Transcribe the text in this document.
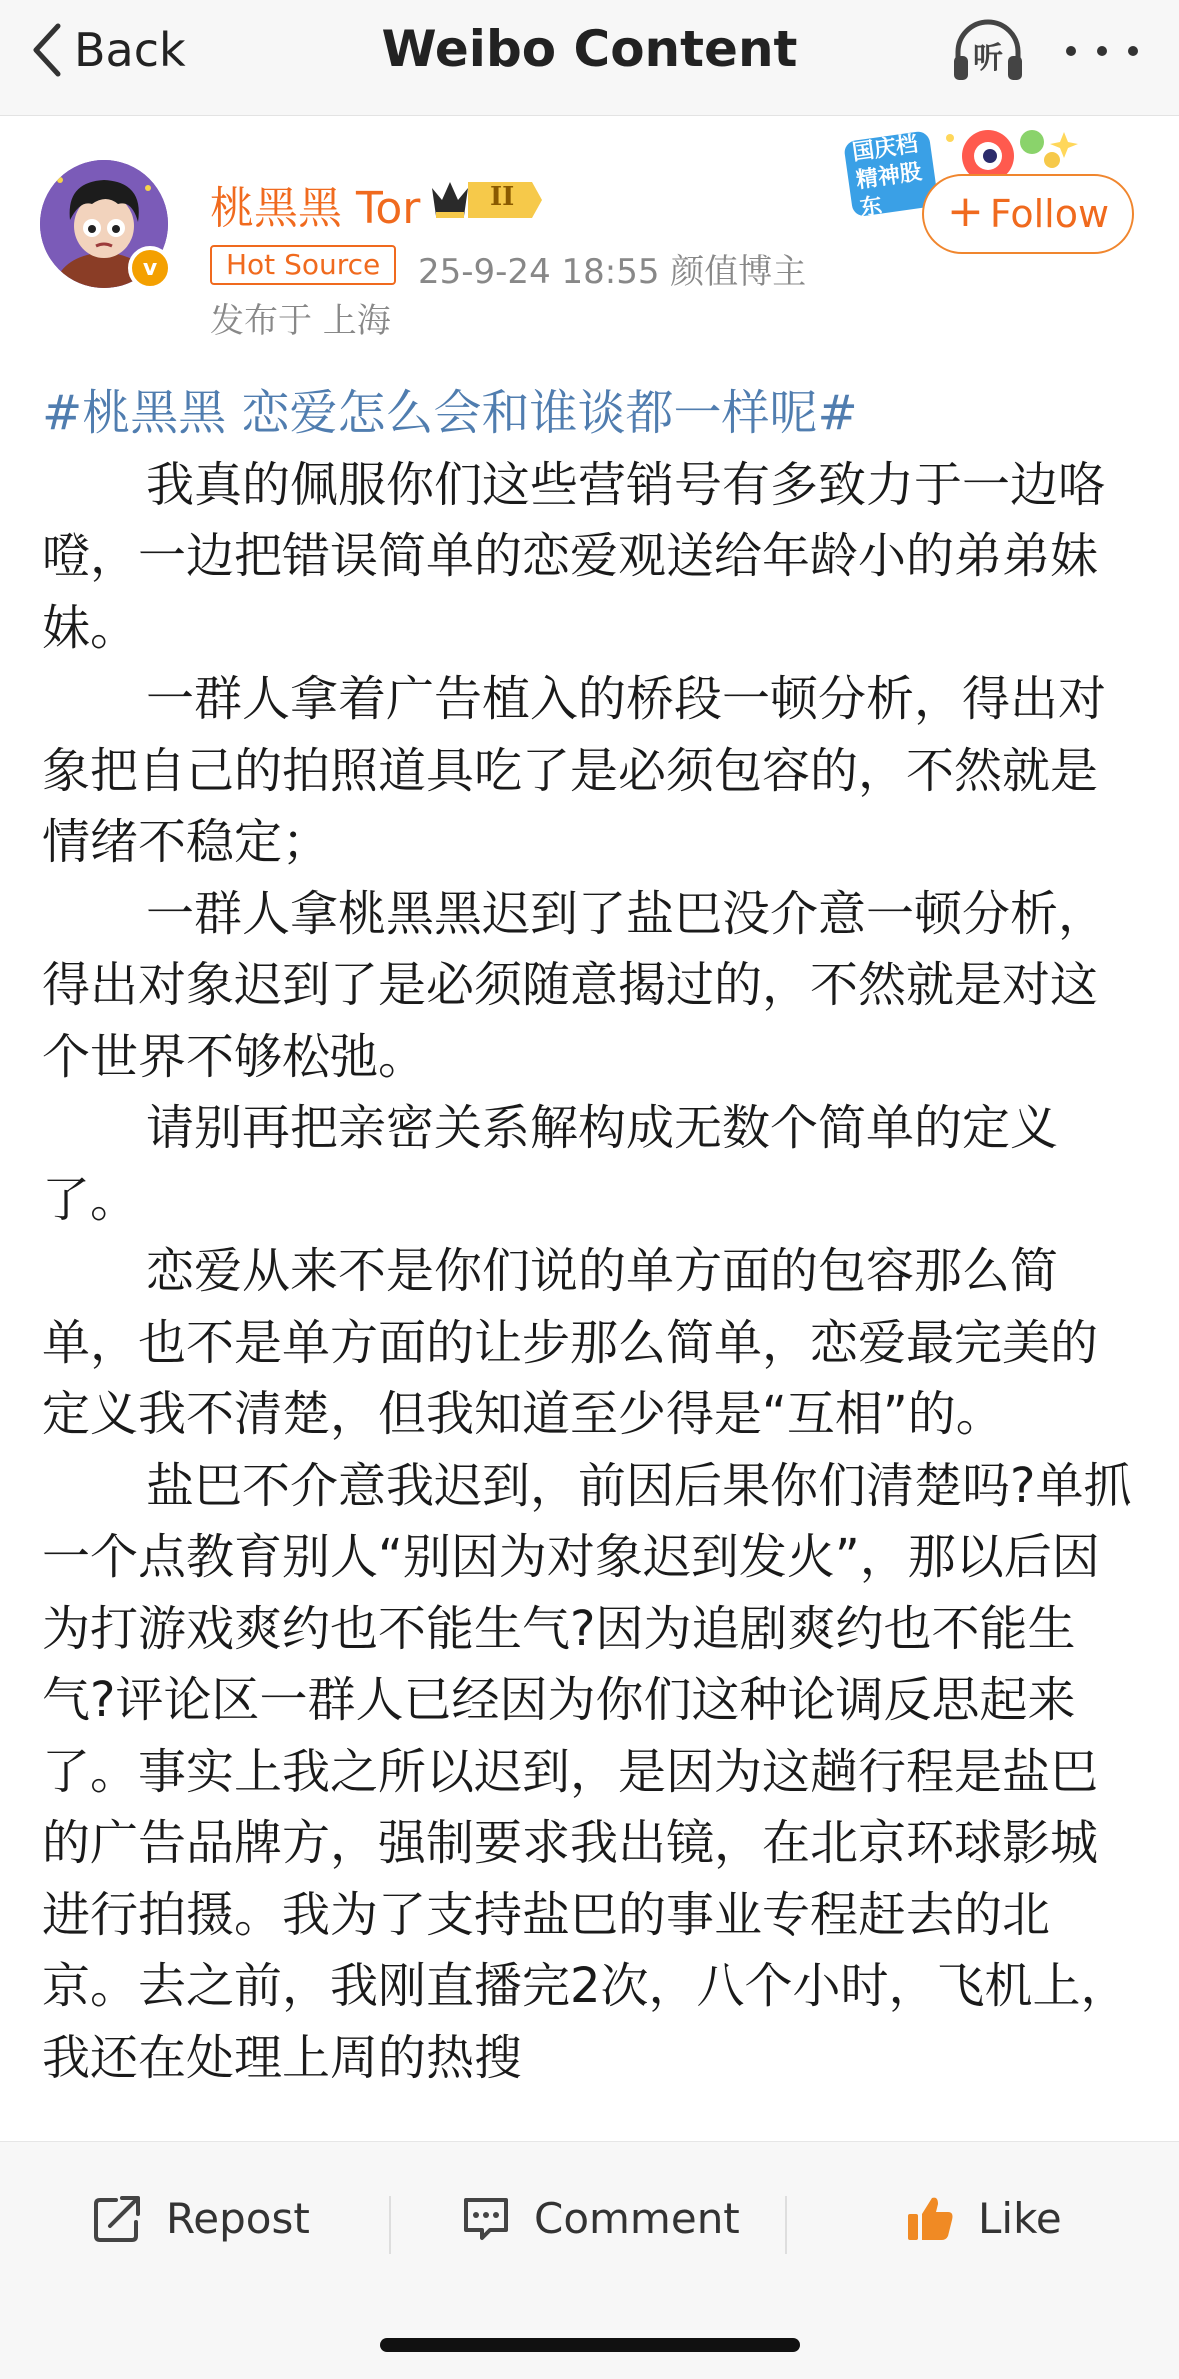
Back	Weibo Content	听
v
桃黑黑 Tor	II
Hot Source	25-9-24 18:55 颜值博主
发布于 上海
国庆档精神股东	+ Follow
#桃黑黑 恋爱怎么会和谁谈都一样呢#
我真的佩服你们这些营销号有多致力于一边咯噔，一边把错误简单的恋爱观送给年龄小的弟弟妹妹。
一群人拿着广告植入的桥段一顿分析，得出对象把自己的拍照道具吃了是必须包容的，不然就是情绪不稳定；
一群人拿桃黑黑迟到了盐巴没介意一顿分析，得出对象迟到了是必须随意揭过的，不然就是对这个世界不够松弛。
请别再把亲密关系解构成无数个简单的定义了。
恋爱从来不是你们说的单方面的包容那么简单，也不是单方面的让步那么简单，恋爱最完美的定义我不清楚，但我知道至少得是“互相”的。
盐巴不介意我迟到，前因后果你们清楚吗?单抓一个点教育别人“别因为对象迟到发火”，那以后因为打游戏爽约也不能生气?因为追剧爽约也不能生气?评论区一群人已经因为你们这种论调反思起来了。事实上我之所以迟到，是因为这趟行程是盐巴的广告品牌方，强制要求我出镜，在北京环球影城进行拍摄。我为了支持盐巴的事业专程赶去的北京。去之前，我刚直播完2次，八个小时，飞机上，我还在处理上周的热搜
Repost	Comment	Like
